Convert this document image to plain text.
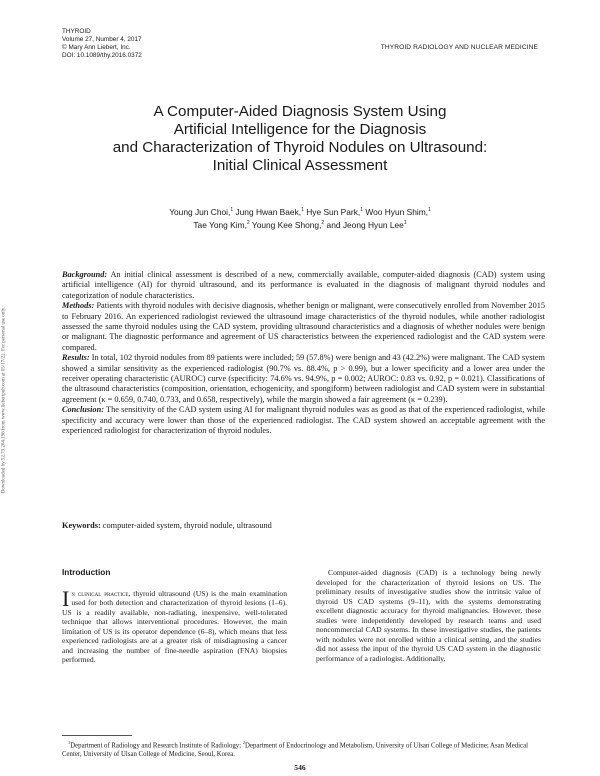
THYROID
Volume 27, Number 4, 2017
© Mary Ann Liebert, Inc.
DOI: 10.1089/thy.2016.0372
THYROID RADIOLOGY AND NUCLEAR MEDICINE
A Computer-Aided Diagnosis System Using
Artificial Intelligence for the Diagnosis
and Characterization of Thyroid Nodules on Ultrasound:
Initial Clinical Assessment
Young Jun Choi,$^1$ Jung Hwan Baek,$^1$ Hye Sun Park,$^1$ Woo Hyun Shim,$^1$
Tae Yong Kim,$^2$ Young Kee Shong,$^2$ and Jeong Hyun Lee$^1$
Downloaded by 52.73.204.196 from www.liebertpub.com at 05/17/22. For personal use only.

Background: An initial clinical assessment is described of a new, commercially available, computer-aided diagnosis (CAD) system using artificial intelligence (AI) for thyroid ultrasound, and its performance is evaluated in the diagnosis of malignant thyroid nodules and categorization of nodule characteristics.

Methods: Patients with thyroid nodules with decisive diagnosis, whether benign or malignant, were consecutively enrolled from November 2015 to February 2016. An experienced radiologist reviewed the ultrasound image characteristics of the thyroid nodules, while another radiologist assessed the same thyroid nodules using the CAD system, providing ultrasound characteristics and a diagnosis of whether nodules were benign or malignant. The diagnostic performance and agreement of US characteristics between the experienced radiologist and the CAD system were compared.

Results: In total, 102 thyroid nodules from 89 patients were included; 59 (57.8%) were benign and 43 (42.2%) were malignant. The CAD system showed a similar sensitivity as the experienced radiologist (90.7% vs. 88.4%, p > 0.99), but a lower specificity and a lower area under the receiver operating characteristic (AUROC) curve (specificity: 74.6% vs. 94.9%, p = 0.002; AUROC: 0.83 vs. 0.92, p = 0.021). Classifications of the ultrasound characteristics (composition, orientation, echogenicity, and spongiform) between radiologist and CAD system were in substantial agreement (κ = 0.659, 0.740, 0.733, and 0.658, respectively), while the margin showed a fair agreement (κ = 0.239).

Conclusion: The sensitivity of the CAD system using AI for malignant thyroid nodules was as good as that of the experienced radiologist, while specificity and accuracy were lower than those of the experienced radiologist. The CAD system showed an acceptable agreement with the experienced radiologist for characterization of thyroid nodules.

Keywords: computer-aided system, thyroid nodule, ultrasound

Introduction

In clinical practice, thyroid ultrasound (US) is the main examination used for both detection and characterization of thyroid lesions (1–6). US is a readily available, non-radiating, inexpensive, well-tolerated technique that allows interventional procedures. However, the main limitation of US is its operator dependence (6–8), which means that less experienced radiologists are at a greater risk of misdiagnosing a cancer and increasing the number of fine-needle aspiration (FNA) biopsies performed.

Computer-aided diagnosis (CAD) is a technology being newly developed for the characterization of thyroid lesions on US. The preliminary results of investigative studies show the intrinsic value of thyroid US CAD systems (9–11), with the systems demonstrating excellent diagnostic accuracy for thyroid malignancies. However, these studies were independently developed by research teams and used noncommercial CAD systems. In these investigative studies, the patients with nodules were not enrolled within a clinical setting, and the studies did not assess the input of the thyroid US CAD system in the diagnostic performance of a radiologist. Additionally,

$^1$Department of Radiology and Research Institute of Radiology; $^2$Department of Endocrinology and Metabolism, University of Ulsan College of Medicine; Asan Medical Center, University of Ulsan College of Medicine, Seoul, Korea.
546
